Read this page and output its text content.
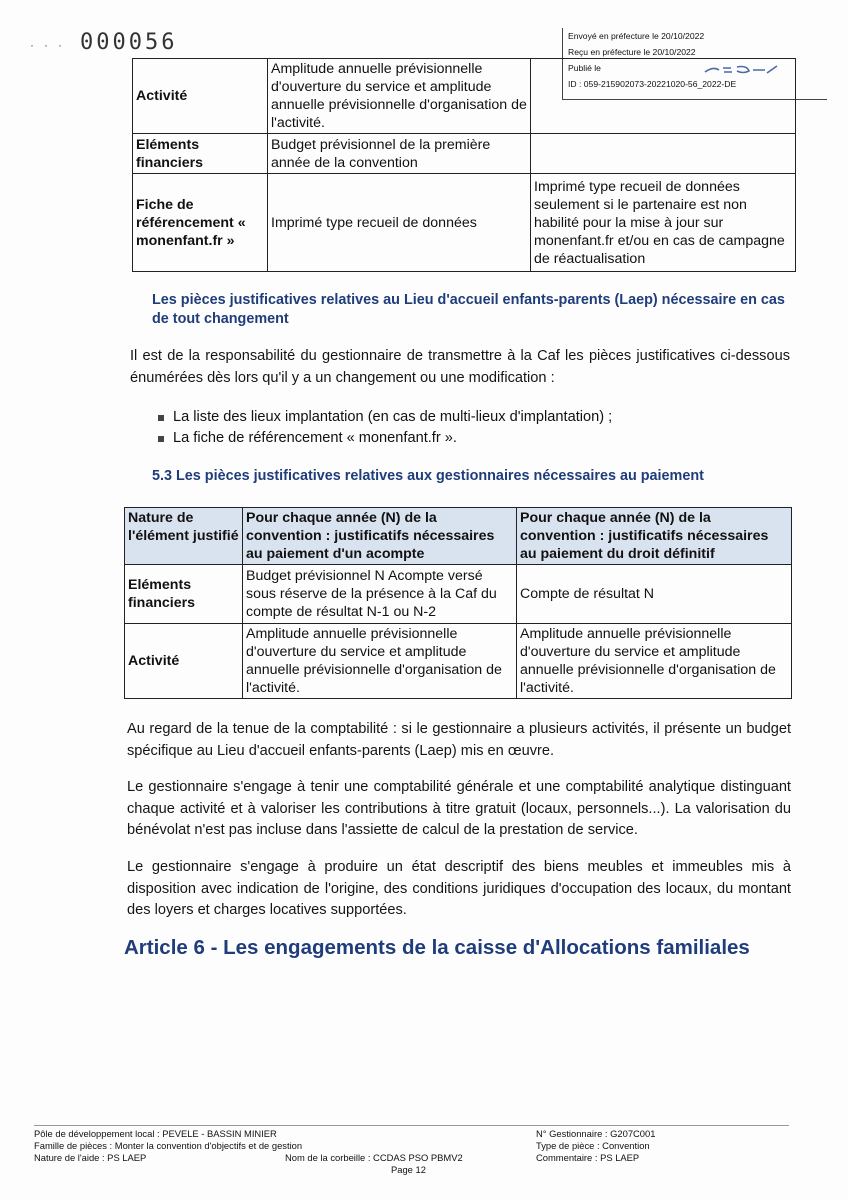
··· 000056	Envoyé en préfecture le 20/10/2022
Reçu en préfecture le 20/10/2022
Publié le
ID : 059-215902073-20221020-56_2022-DE
Activité	Amplitude annuelle prévisionnelle d'ouverture du service et amplitude annuelle prévisionnelle d'organisation de l'activité.	
Eléments financiers	Budget prévisionnel de la première année de la convention	
Fiche de référencement « monenfant.fr »	Imprimé type recueil de données	Imprimé type recueil de données seulement si le partenaire est non habilité pour la mise à jour sur monenfant.fr et/ou en cas de campagne de réactualisation
Les pièces justificatives relatives au Lieu d'accueil enfants-parents (Laep) nécessaire en cas de tout changement

Il est de la responsabilité du gestionnaire de transmettre à la Caf les pièces justificatives ci-dessous énumérées dès lors qu'il y a un changement ou une modification :

La liste des lieux implantation (en cas de multi-lieux d'implantation) ;
La fiche de référencement « monenfant.fr ».
5.3 Les pièces justificatives relatives aux gestionnaires nécessaires au paiement
Nature de l'élément justifié	Pour chaque année (N) de la convention : justificatifs nécessaires au paiement d'un acompte	Pour chaque année (N) de la convention : justificatifs nécessaires au paiement du droit définitif
Eléments financiers	Budget prévisionnel N Acompte versé sous réserve de la présence à la Caf du compte de résultat N-1 ou N-2	Compte de résultat N
Activité	Amplitude annuelle prévisionnelle d'ouverture du service et amplitude annuelle prévisionnelle d'organisation de l'activité.	Amplitude annuelle prévisionnelle d'ouverture du service et amplitude annuelle prévisionnelle d'organisation de l'activité.

Au regard de la tenue de la comptabilité : si le gestionnaire a plusieurs activités, il présente un budget spécifique au Lieu d'accueil enfants-parents (Laep) mis en œuvre.

Le gestionnaire s'engage à tenir une comptabilité générale et une comptabilité analytique distinguant chaque activité et à valoriser les contributions à titre gratuit (locaux, personnels...). La valorisation du bénévolat n'est pas incluse dans l'assiette de calcul de la prestation de service.

Le gestionnaire s'engage à produire un état descriptif des biens meubles et immeubles mis à disposition avec indication de l'origine, des conditions juridiques d'occupation des locaux, du montant des loyers et charges locatives supportées.

Article 6 - Les engagements de la caisse d'Allocations familiales
Pôle de développement local : PEVELE - BASSIN MINIER
Famille de pièces : Monter la convention d'objectifs et de gestion
Nature de l'aide : PS LAEP	Nom de la corbeille : CCDAS PSO PBMV2
Page 12
N° Gestionnaire : G207C001
Type de pièce : Convention
Commentaire : PS LAEP
